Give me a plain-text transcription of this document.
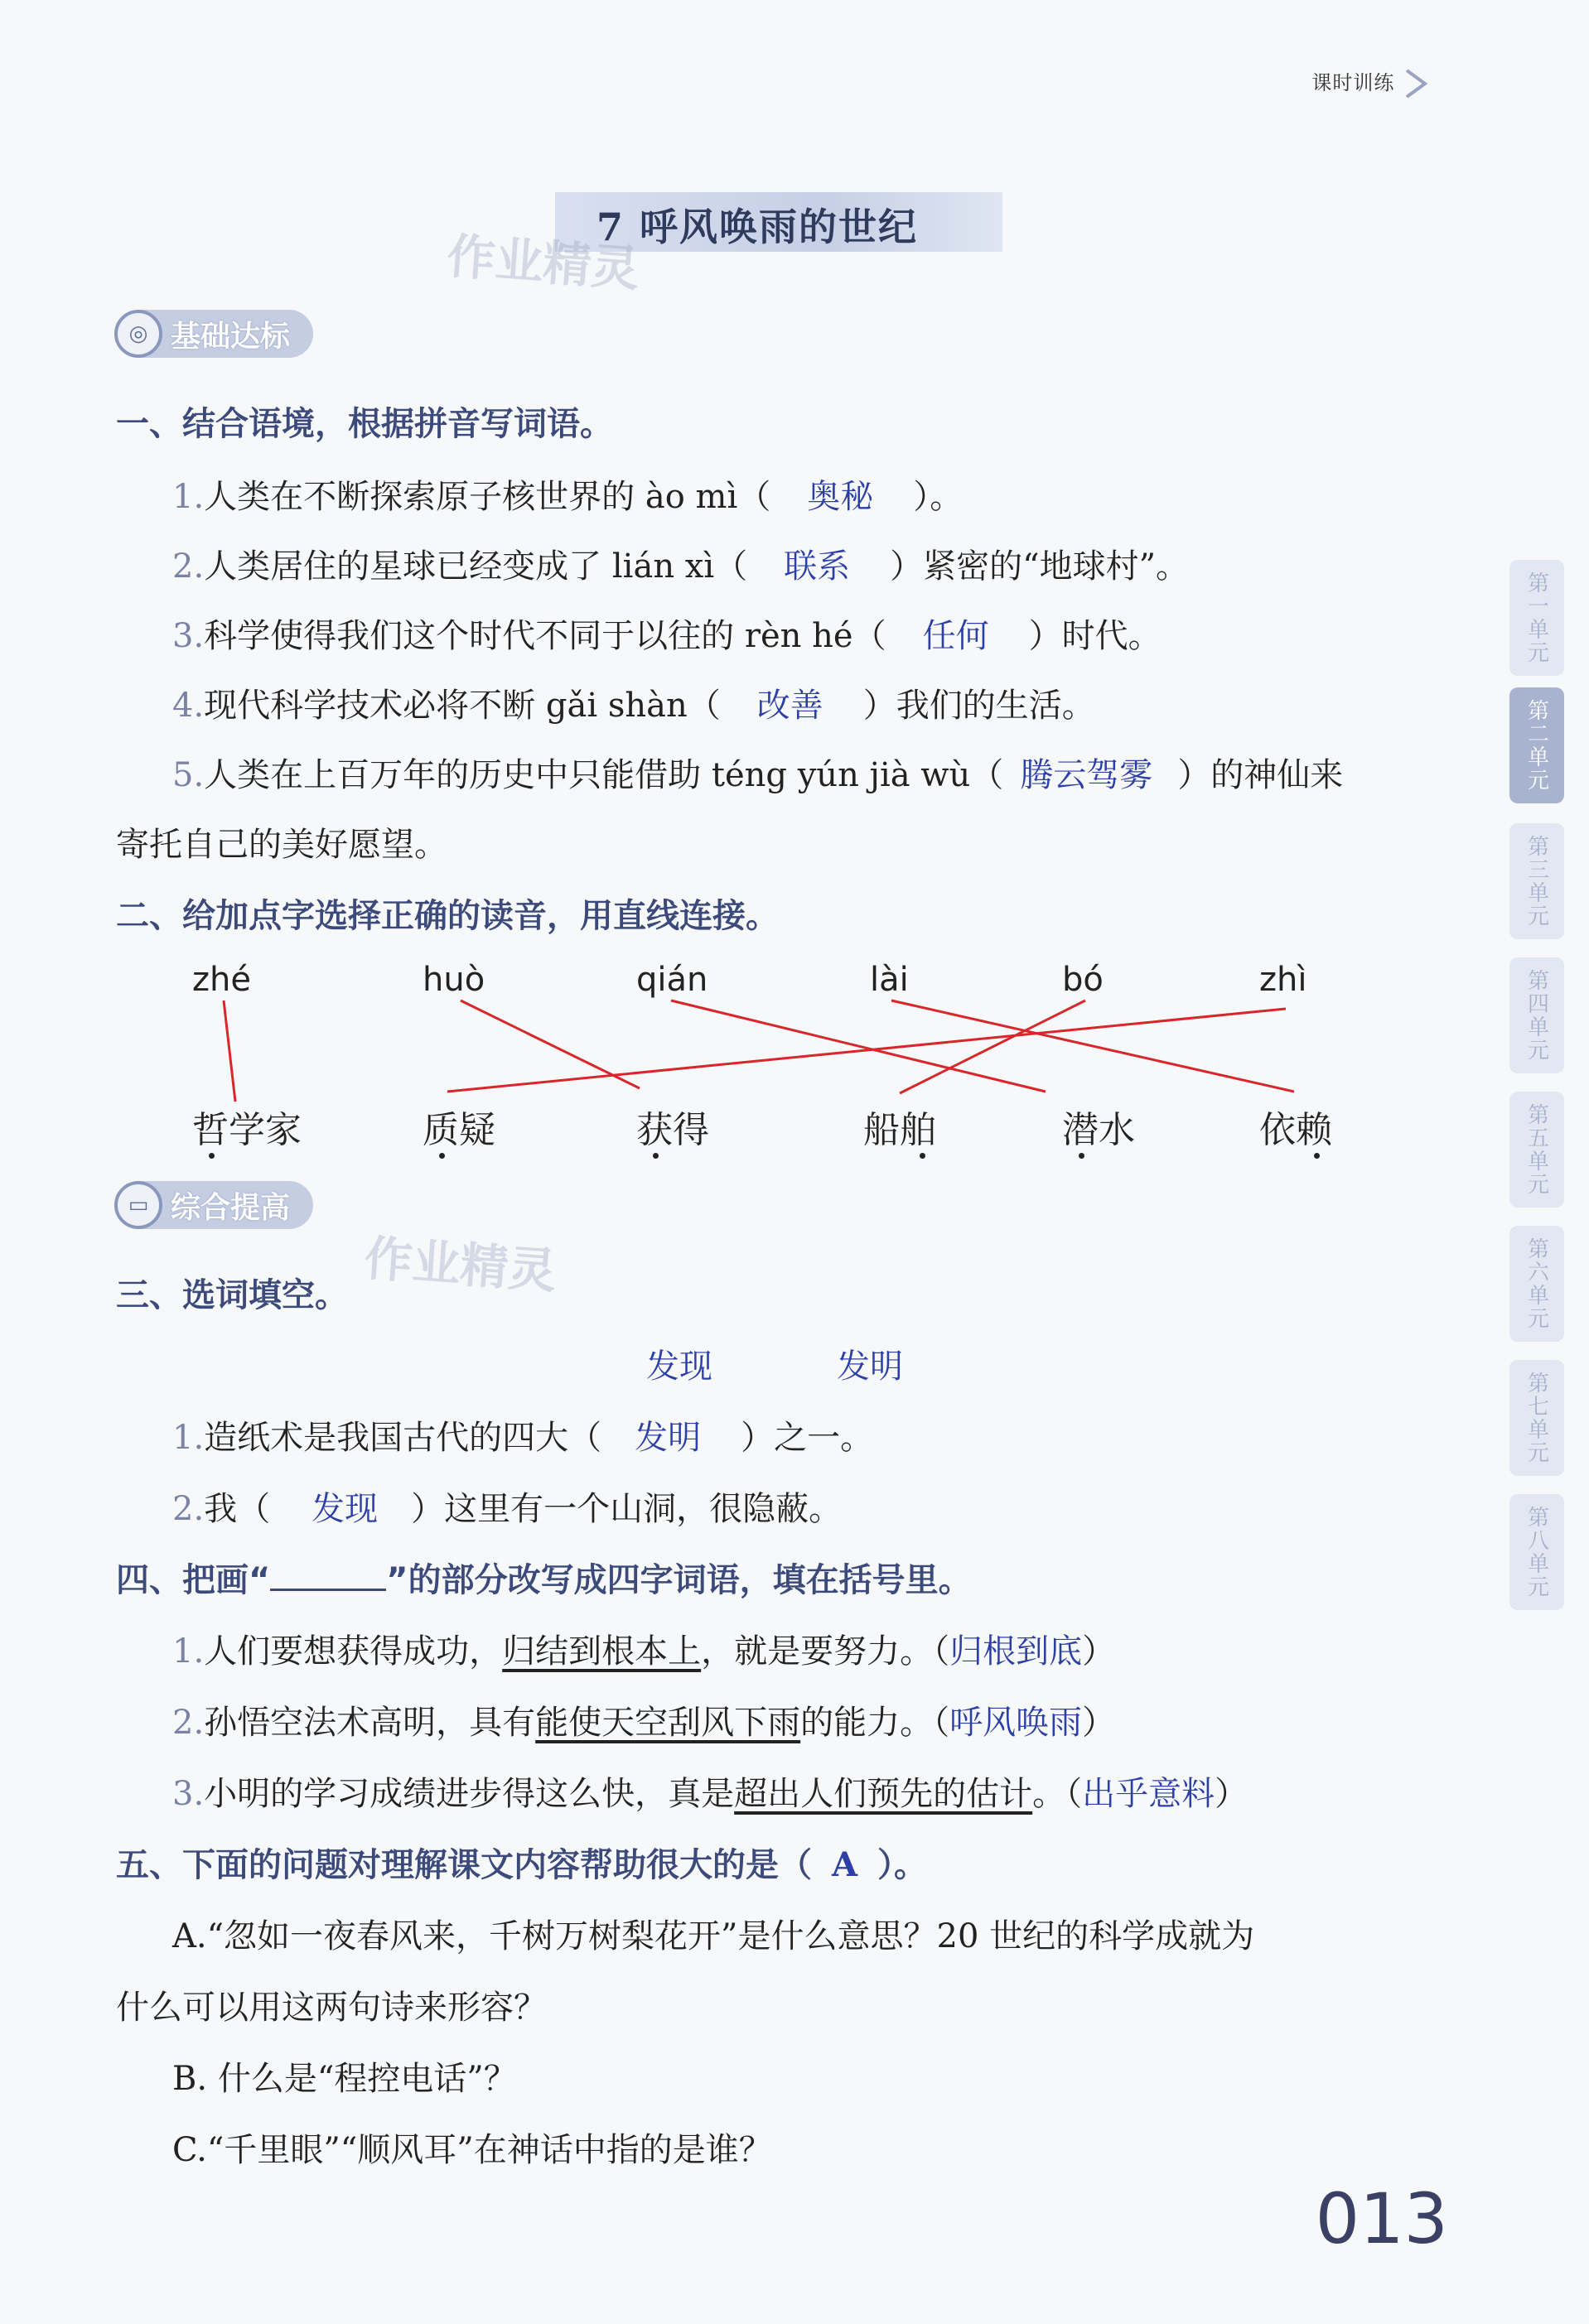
课时训练
7 呼风唤雨的世纪
作业精灵
作业精灵
◎ 基础达标
一、结合语境，根据拼音写词语。
1.人类在不断探索原子核世界的 ào mì（ 奥秘 ）。
2.人类居住的星球已经变成了 lián xì（ 联系 ）紧密的“地球村”。
3.科学使得我们这个时代不同于以往的 rèn hé（ 任何 ）时代。
4.现代科学技术必将不断 gǎi shàn（ 改善 ）我们的生活。
5.人类在上百万年的历史中只能借助 téng yún jià wù（ 腾云驾雾 ）的神仙来
寄托自己的美好愿望。
二、给加点字选择正确的读音，用直线连接。
zhé	huò	qián	lài	bó	zhì
哲学家	质疑	获得	船舶	潜水	依赖
▭ 综合提高
三、选词填空。
发现	发明
1.造纸术是我国古代的四大（ 发明 ）之一。
2.我（ 发现 ）这里有一个山洞，很隐蔽。
四、把画“	”的部分改写成四字词语，填在括号里。
1.人们要想获得成功，归结到根本上，就是要努力。（归根到底）
2.孙悟空法术高明，具有能使天空刮风下雨的能力。（呼风唤雨）
3.小明的学习成绩进步得这么快，真是超出人们预先的估计。（出乎意料）
五、下面的问题对理解课文内容帮助很大的是（ A ）。
A.“忽如一夜春风来，千树万树梨花开”是什么意思？20 世纪的科学成就为
什么可以用这两句诗来形容？
B. 什么是“程控电话”？
C.“千里眼”“顺风耳”在神话中指的是谁？
第一单元
第二单元
第三单元
第四单元
第五单元
第六单元
第七单元
第八单元
013
